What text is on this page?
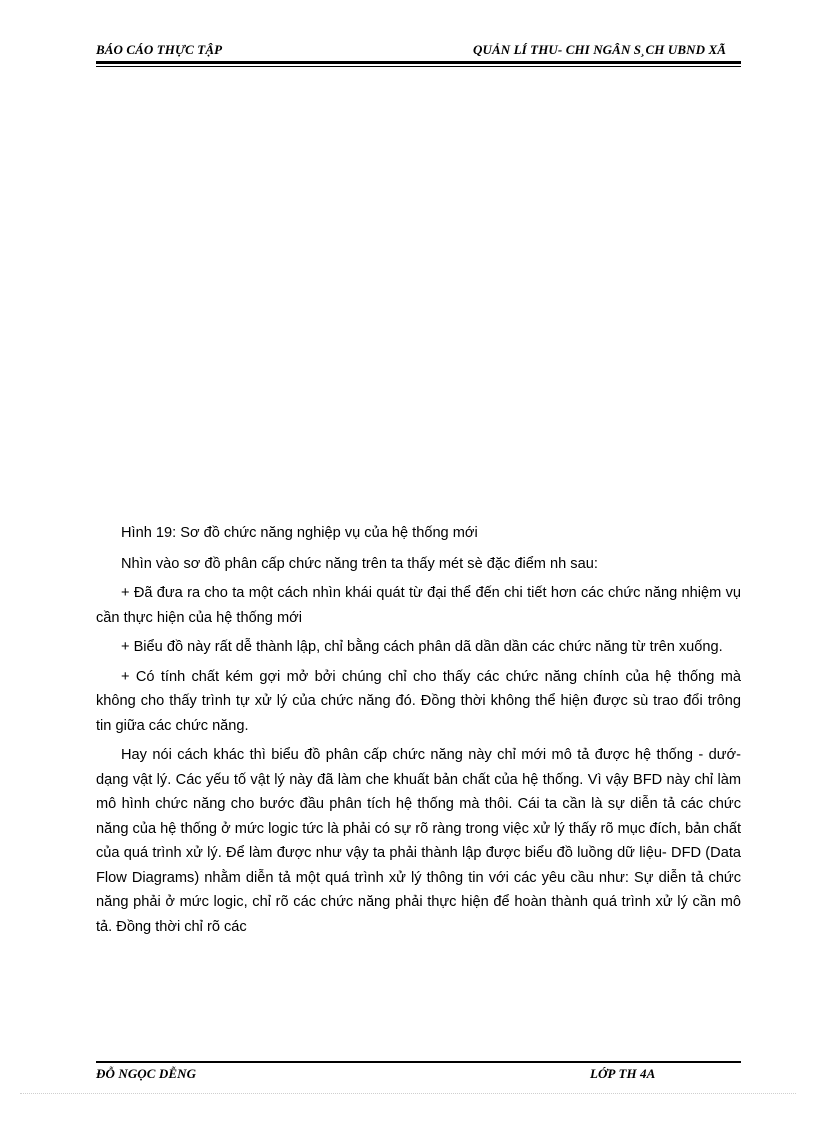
BÁO CÁO THỰC TẬP	QUẢN LÍ THU- CHI NGÂN S¸CH UBND XÃ

Hình 19: Sơ đồ chức năng nghiệp vụ của hệ thống mới

Nhìn vào sơ đồ phân cấp chức năng trên ta thấy mét sè đặc điểm nh sau:

+ Đã đưa ra cho ta một cách nhìn khái quát từ đại thể đến chi tiết hơn các chức năng nhiệm vụ cần thực hiện của hệ thống mới

+ Biểu đồ này rất dễ thành lập, chỉ bằng cách phân dã dần dần các chức năng từ trên xuống.

+ Có tính chất kém gợi mở bởi chúng chỉ cho thấy các chức năng chính của hệ thống mà không cho thấy trình tự xử lý của chức năng đó. Đồng thời không thể hiện được sù trao đổi trông tin giữa các chức năng.

Hay nói cách khác thì biểu đồ phân cấp chức năng này chỉ mới mô tả được hệ thống - dướ dạng vật lý. Các yếu tố vật lý này đã làm che khuất bản chất của hệ thống. Vì vậy BFD này chỉ làm mô hình chức năng cho bước đầu phân tích hệ thống mà thôi. Cái ta cần là sự diễn tả các chức năng của hệ thống ở mức logic tức là phải có sự rõ ràng trong việc xử lý thấy rõ mục đích, bản chất của quá trình xử lý. Để làm được như vậy ta phải thành lập được biểu đồ luồng dữ liệu- DFD (Data Flow Diagrams) nhằm diễn tả một quá trình xử lý thông tin với các yêu cầu như: Sự diễn tả chức năng phải ở mức logic, chỉ rõ các chức năng phải thực hiện để hoàn thành quá trình xử lý cần mô tả. Đồng thời chỉ rõ các

ĐỖ NGỌC DỄNG	LỚP TH 4A
